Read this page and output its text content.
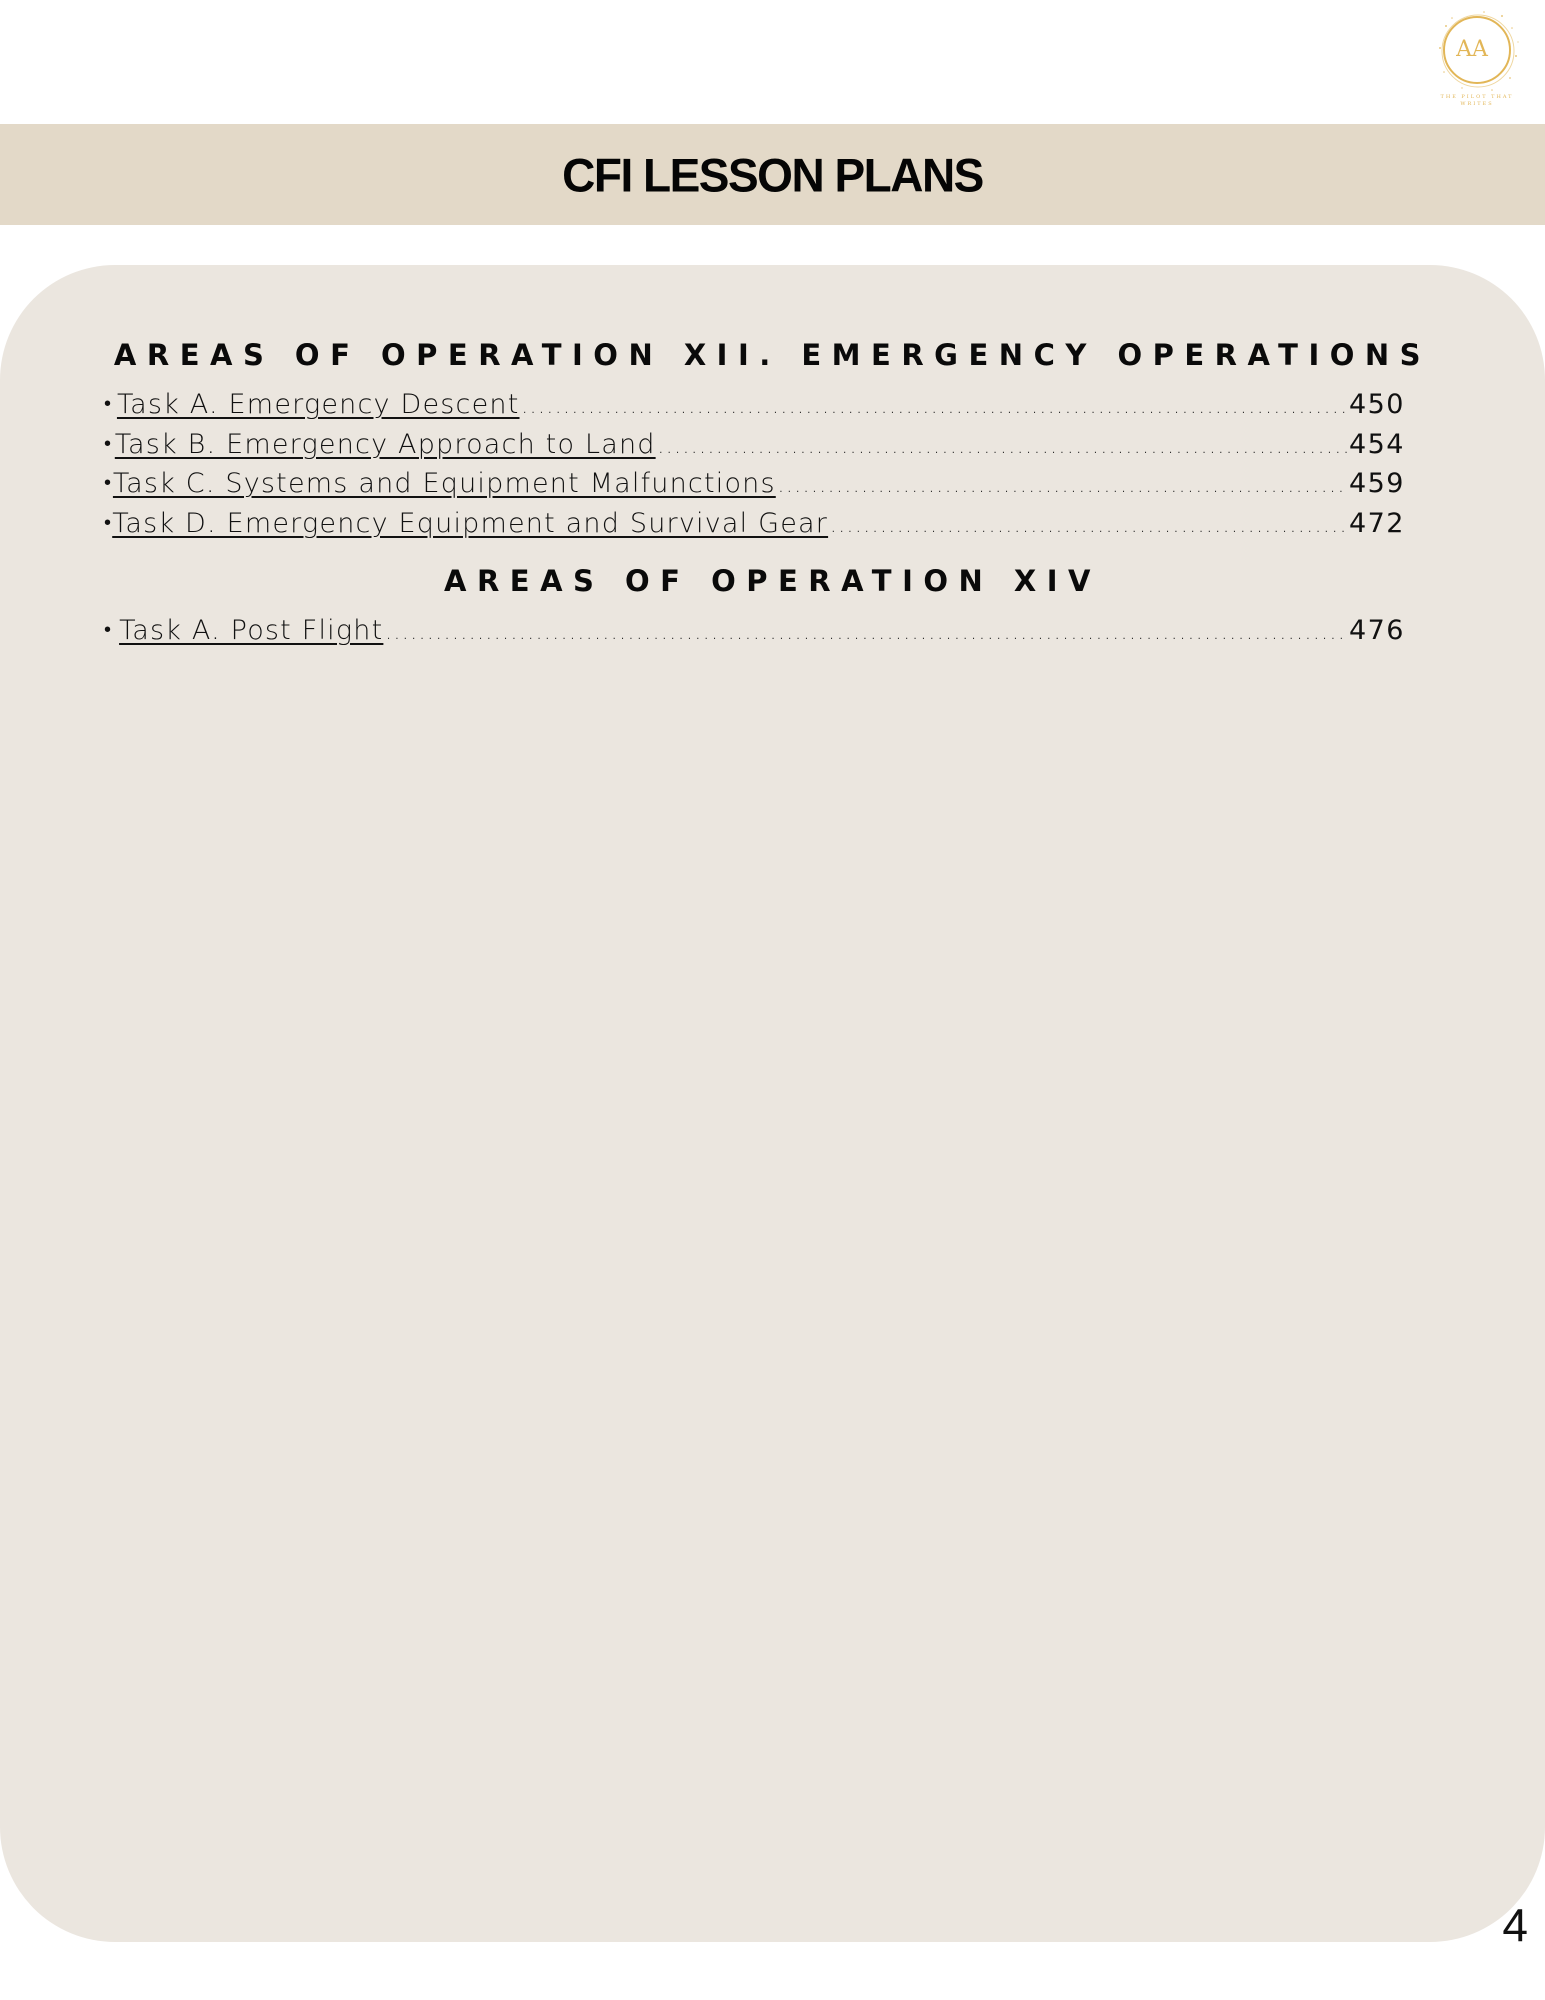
AA
THE PILOT THAT
WRITES
CFI LESSON PLANS
AREAS OF OPERATION XII. EMERGENCY OPERATIONS
• Task A. Emergency Descent .....	450
• Task B. Emergency Approach to Land .....	454
• Task C. Systems and Equipment Malfunctions .....	459
• Task D. Emergency Equipment and Survival Gear .....	472
AREAS OF OPERATION XIV
• Task A. Post Flight .....	476
4
